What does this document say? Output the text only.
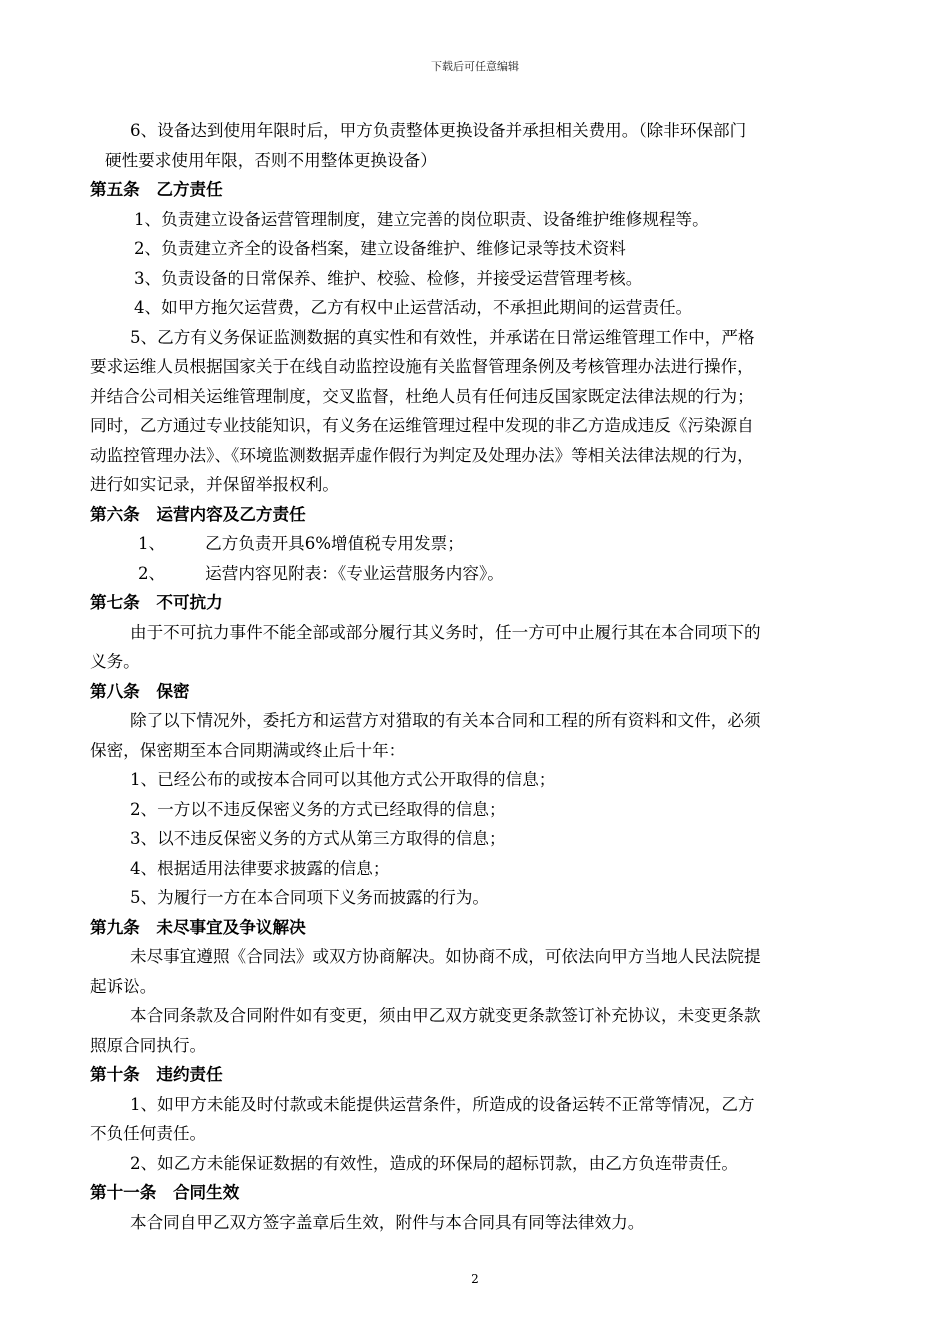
下载后可任意编辑

6、设备达到使用年限时后，甲方负责整体更换设备并承担相关费用。（除非环保部门

硬性要求使用年限，否则不用整体更换设备）

第五条　乙方责任

1、负责建立设备运营管理制度，建立完善的岗位职责、设备维护维修规程等。

2、负责建立齐全的设备档案，建立设备维护、维修记录等技术资料

3、负责设备的日常保养、维护、校验、检修，并接受运营管理考核。

4、如甲方拖欠运营费，乙方有权中止运营活动，不承担此期间的运营责任。

5、乙方有义务保证监测数据的真实性和有效性，并承诺在日常运维管理工作中，严格

要求运维人员根据国家关于在线自动监控设施有关监督管理条例及考核管理办法进行操作，

并结合公司相关运维管理制度，交叉监督，杜绝人员有任何违反国家既定法律法规的行为；

同时，乙方通过专业技能知识，有义务在运维管理过程中发现的非乙方造成违反《污染源自

动监控管理办法》、《环境监测数据弄虚作假行为判定及处理办法》等相关法律法规的行为，

进行如实记录，并保留举报权利。

第六条　运营内容及乙方责任

1、 乙方负责开具6%增值税专用发票；

2、 运营内容见附表：《专业运营服务内容》。

第七条　不可抗力

由于不可抗力事件不能全部或部分履行其义务时，任一方可中止履行其在本合同项下的

义务。

第八条　保密

除了以下情况外，委托方和运营方对猎取的有关本合同和工程的所有资料和文件，必须

保密，保密期至本合同期满或终止后十年：

1、已经公布的或按本合同可以其他方式公开取得的信息；

2、一方以不违反保密义务的方式已经取得的信息；

3、以不违反保密义务的方式从第三方取得的信息；

4、根据适用法律要求披露的信息；

5、为履行一方在本合同项下义务而披露的行为。

第九条　未尽事宜及争议解决

未尽事宜遵照《合同法》或双方协商解决。如协商不成，可依法向甲方当地人民法院提

起诉讼。

本合同条款及合同附件如有变更，须由甲乙双方就变更条款签订补充协议，未变更条款

照原合同执行。

第十条　违约责任

1、如甲方未能及时付款或未能提供运营条件，所造成的设备运转不正常等情况，乙方

不负任何责任。

2、如乙方未能保证数据的有效性，造成的环保局的超标罚款，由乙方负连带责任。

第十一条　合同生效

本合同自甲乙双方签字盖章后生效，附件与本合同具有同等法律效力。

2
